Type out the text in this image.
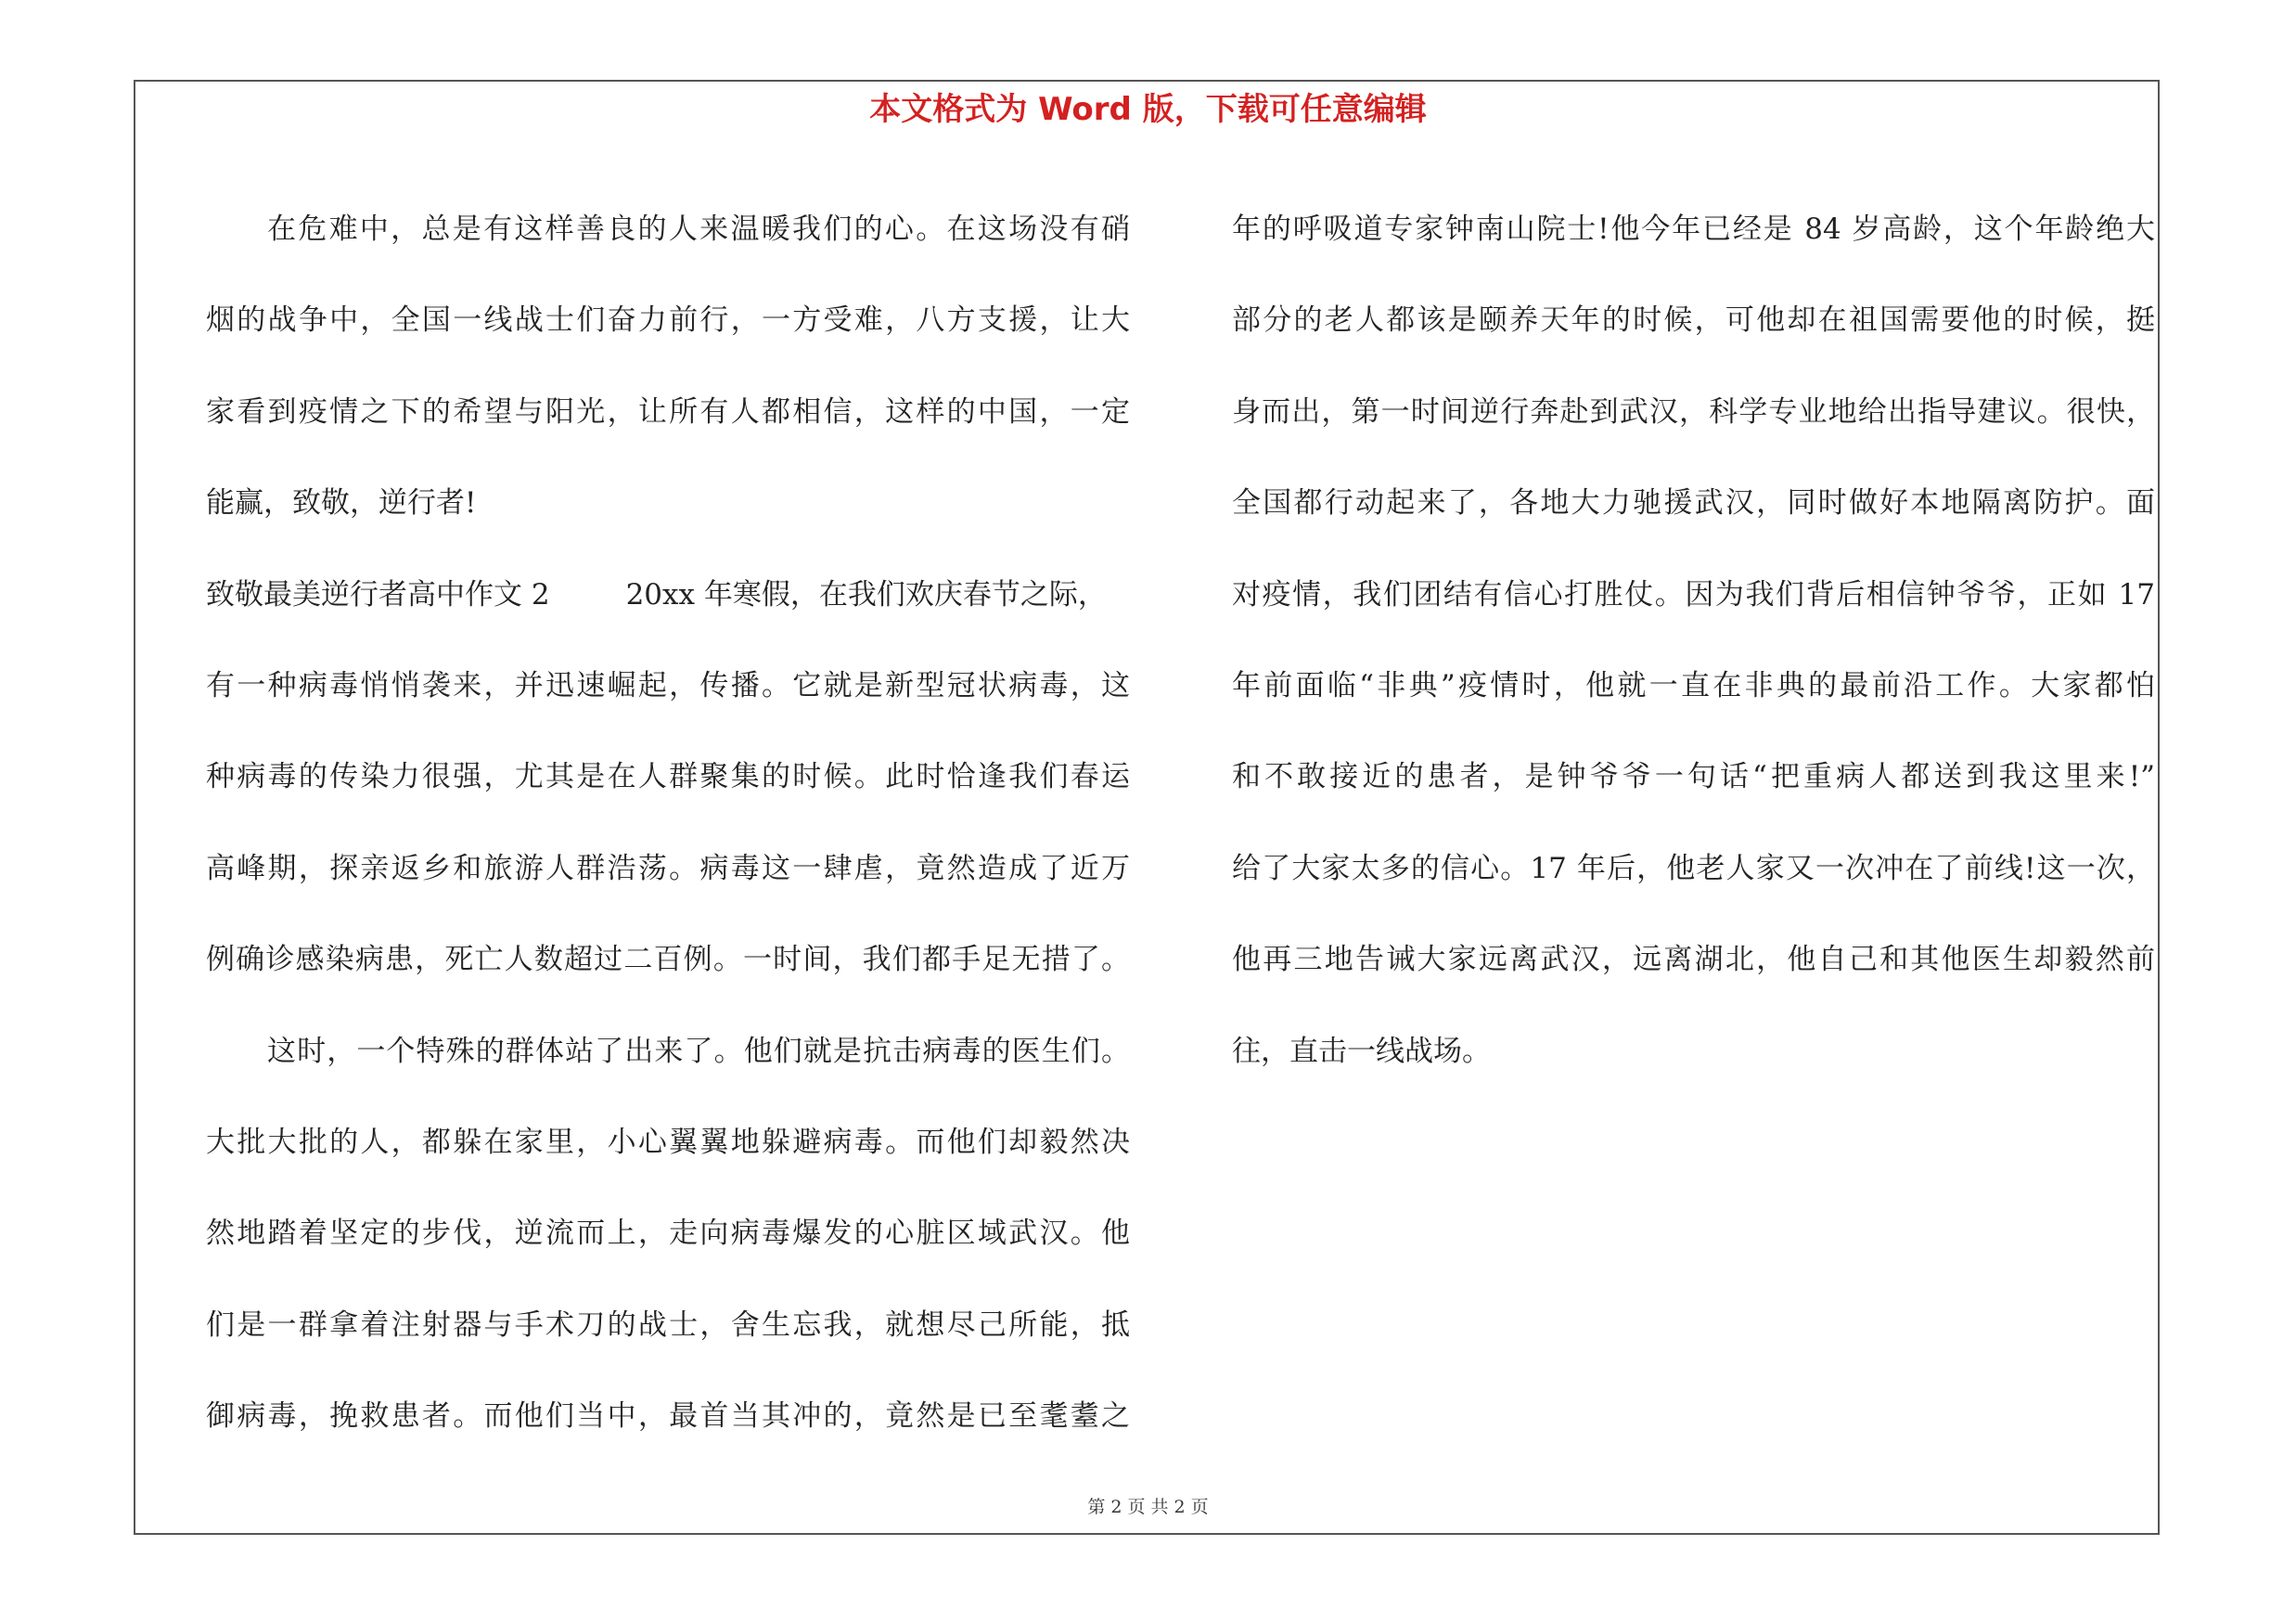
本文格式为 Word 版，下载可任意编辑
在危难中，总是有这样善良的人来温暖我们的心。在这场没有硝
烟的战争中，全国一线战士们奋力前行，一方受难，八方支援，让大
家看到疫情之下的希望与阳光，让所有人都相信，这样的中国，一定
能赢，致敬，逆行者!
致敬最美逆行者高中作文 2	20xx 年寒假，在我们欢庆春节之际，
有一种病毒悄悄袭来，并迅速崛起，传播。它就是新型冠状病毒，这
种病毒的传染力很强，尤其是在人群聚集的时候。此时恰逢我们春运
高峰期，探亲返乡和旅游人群浩荡。病毒这一肆虐，竟然造成了近万
例确诊感染病患，死亡人数超过二百例。一时间，我们都手足无措了。
这时，一个特殊的群体站了出来了。他们就是抗击病毒的医生们。
大批大批的人，都躲在家里，小心翼翼地躲避病毒。而他们却毅然决
然地踏着坚定的步伐，逆流而上，走向病毒爆发的心脏区域武汉。他
们是一群拿着注射器与手术刀的战士，舍生忘我，就想尽己所能，抵
御病毒，挽救患者。而他们当中，最首当其冲的，竟然是已至耄耋之
年的呼吸道专家钟南山院士!他今年已经是 84 岁高龄，这个年龄绝大
部分的老人都该是颐养天年的时候，可他却在祖国需要他的时候，挺
身而出，第一时间逆行奔赴到武汉，科学专业地给出指导建议。很快，
全国都行动起来了，各地大力驰援武汉，同时做好本地隔离防护。面
对疫情，我们团结有信心打胜仗。因为我们背后相信钟爷爷，正如 17
年前面临“非典”疫情时，他就一直在非典的最前沿工作。大家都怕
和不敢接近的患者，是钟爷爷一句话“把重病人都送到我这里来!”
给了大家太多的信心。17 年后，他老人家又一次冲在了前线!这一次，
他再三地告诫大家远离武汉，远离湖北，他自己和其他医生却毅然前
往，直击一线战场。
第 2 页 共 2 页
